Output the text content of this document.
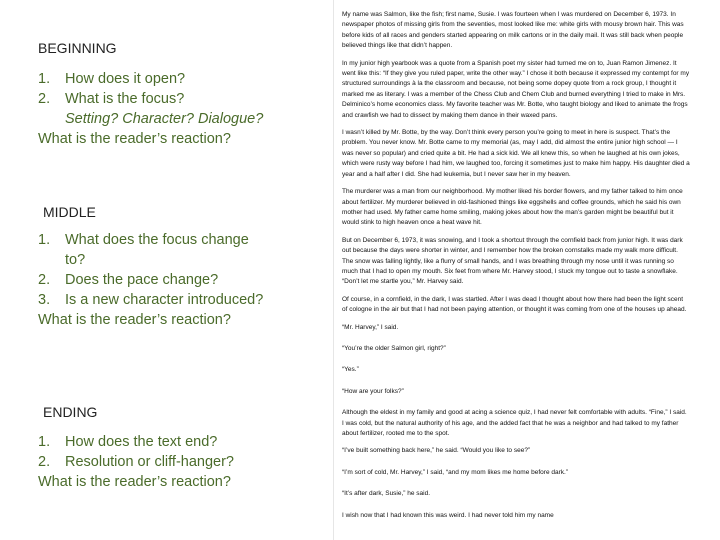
BEGINNING

1. How does it open?

2. What is the focus?

Setting? Character? Dialogue?

What is the reader’s reaction?

MIDDLE

1. What does the focus change

to?

2. Does the pace change?

3. Is a new character introduced?

What is the reader’s reaction?

ENDING

1. How does the text end?

2. Resolution or cliff-hanger?

What is the reader’s reaction?

My name was Salmon, like the fish; first name, Susie. I was fourteen when I was murdered on December 6, 1973. In newspaper photos of missing girls from the seventies, most looked like me: white girls with mousy brown hair. This was before kids of all races and genders started appearing on milk cartons or in the daily mail. It was still back when people believed things like that didn’t happen.

In my junior high yearbook was a quote from a Spanish poet my sister had turned me on to, Juan Ramon Jimenez. It went like this: “If they give you ruled paper, write the other way.” I chose it both because it expressed my contempt for my structured surroundings à la the classroom and because, not being some dopey quote from a rock group, I thought it marked me as literary. I was a member of the Chess Club and Chem Club and burned everything I tried to make in Mrs. Delminico’s home economics class. My favorite teacher was Mr. Botte, who taught biology and liked to animate the frogs and crawfish we had to dissect by making them dance in their waxed pans.

I wasn’t killed by Mr. Botte, by the way. Don’t think every person you’re going to meet in here is suspect. That’s the problem. You never know. Mr. Botte came to my memorial (as, may I add, did almost the entire junior high school — I was never so popular) and cried quite a bit. He had a sick kid. We all knew this, so when he laughed at his own jokes, which were rusty way before I had him, we laughed too, forcing it sometimes just to make him happy. His daughter died a year and a half after I did. She had leukemia, but I never saw her in my heaven.

The murderer was a man from our neighborhood. My mother liked his border flowers, and my father talked to him once about fertilizer. My murderer believed in old-fashioned things like eggshells and coffee grounds, which he said his own mother had used. My father came home smiling, making jokes about how the man’s garden might be beautiful but it would stink to high heaven once a heat wave hit.

But on December 6, 1973, it was snowing, and I took a shortcut through the cornfield back from junior high. It was dark out because the days were shorter in winter, and I remember how the broken cornstalks made my walk more difficult. The snow was falling lightly, like a flurry of small hands, and I was breathing through my nose until it was running so much that I had to open my mouth. Six feet from where Mr. Harvey stood, I stuck my tongue out to taste a snowflake. “Don’t let me startle you,” Mr. Harvey said.

Of course, in a cornfield, in the dark, I was startled. After I was dead I thought about how there had been the light scent of cologne in the air but that I had not been paying attention, or thought it was coming from one of the houses up ahead.

“Mr. Harvey,” I said.

“You’re the older Salmon girl, right?”

“Yes.”

“How are your folks?”

Although the eldest in my family and good at acing a science quiz, I had never felt comfortable with adults. “Fine,” I said. I was cold, but the natural authority of his age, and the added fact that he was a neighbor and had talked to my father about fertilizer, rooted me to the spot.

“I’ve built something back here,” he said. “Would you like to see?”

“I’m sort of cold, Mr. Harvey,” I said, “and my mom likes me home before dark.”

“It’s after dark, Susie,” he said.

I wish now that I had known this was weird. I had never told him my name
